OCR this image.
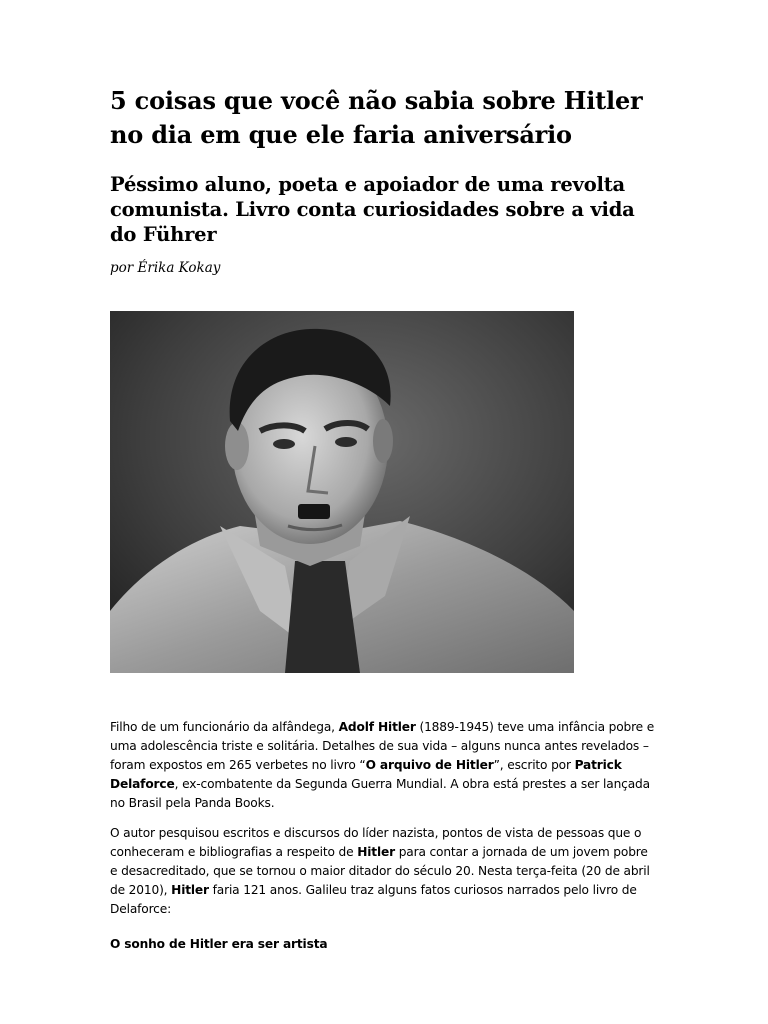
5 coisas que você não sabia sobre Hitler no dia em que ele faria aniversário
Péssimo aluno, poeta e apoiador de uma revolta comunista. Livro conta curiosidades sobre a vida do Führer

por Érika Kokay

Filho de um funcionário da alfândega, Adolf Hitler (1889-1945) teve uma infância pobre e uma adolescência triste e solitária. Detalhes de sua vida – alguns nunca antes revelados – foram expostos em 265 verbetes no livro “O arquivo de Hitler”, escrito por Patrick Delaforce, ex-combatente da Segunda Guerra Mundial. A obra está prestes a ser lançada no Brasil pela Panda Books.

O autor pesquisou escritos e discursos do líder nazista, pontos de vista de pessoas que o conheceram e bibliografias a respeito de Hitler para contar a jornada de um jovem pobre e desacreditado, que se tornou o maior ditador do século 20. Nesta terça-feita (20 de abril de 2010), Hitler faria 121 anos. Galileu traz alguns fatos curiosos narrados pelo livro de Delaforce:

O sonho de Hitler era ser artista
